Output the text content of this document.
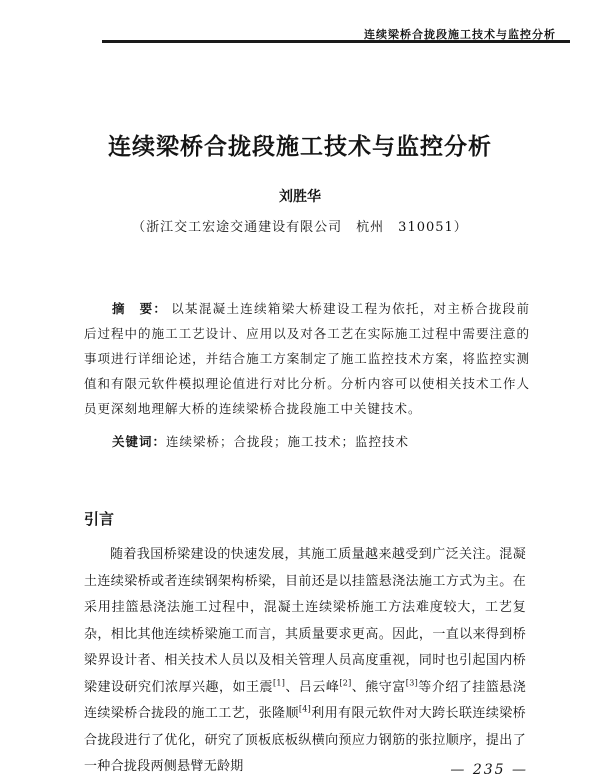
连续梁桥合拢段施工技术与监控分析
连续梁桥合拢段施工技术与监控分析
刘胜华
（浙江交工宏途交通建设有限公司　杭州　310051）

摘　要： 以某混凝土连续箱梁大桥建设工程为依托，对主桥合拢段前后过程中的施工工艺设计、应用以及对各工艺在实际施工过程中需要注意的事项进行详细论述，并结合施工方案制定了施工监控技术方案，将监控实测值和有限元软件模拟理论值进行对比分析。分析内容可以使相关技术工作人员更深刻地理解大桥的连续梁桥合拢段施工中关键技术。

关键词：连续梁桥；合拢段；施工技术；监控技术
引言

随着我国桥梁建设的快速发展，其施工质量越来越受到广泛关注。混凝土连续梁桥或者连续钢架构桥梁，目前还是以挂篮悬浇法施工方式为主。在采用挂篮悬浇法施工过程中，混凝土连续梁桥施工方法难度较大，工艺复杂，相比其他连续桥梁施工而言，其质量要求更高。因此，一直以来得到桥梁界设计者、相关技术人员以及相关管理人员高度重视，同时也引起国内桥梁建设研究们浓厚兴趣，如王震[1]、吕云峰[2]、熊守富[3]等介绍了挂篮悬浇连续梁桥合拢段的施工工艺，张隆顺[4]利用有限元软件对大跨长联连续梁桥合拢段进行了优化，研究了顶板底板纵横向预应力钢筋的张拉顺序，提出了一种合拢段两侧悬臂无龄期	— 235 —
